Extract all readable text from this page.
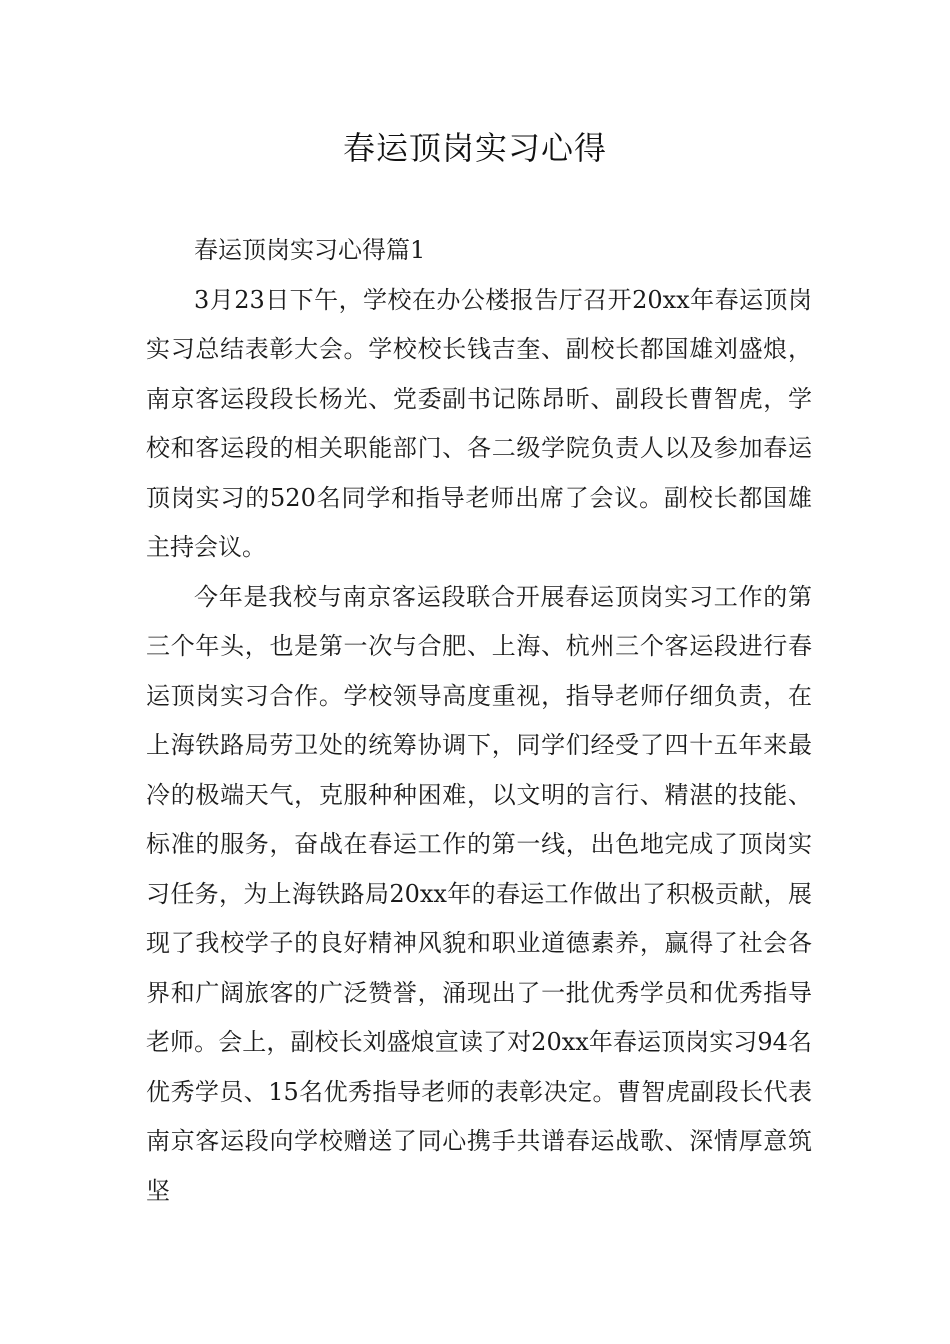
春运顶岗实习心得

春运顶岗实习心得篇1

3月23日下午，学校在办公楼报告厅召开20xx年春运顶岗实习总结表彰大会。学校校长钱吉奎、副校长都国雄刘盛烺，南京客运段段长杨光、党委副书记陈昂昕、副段长曹智虎，学校和客运段的相关职能部门、各二级学院负责人以及参加春运顶岗实习的520名同学和指导老师出席了会议。副校长都国雄主持会议。

今年是我校与南京客运段联合开展春运顶岗实习工作的第三个年头，也是第一次与合肥、上海、杭州三个客运段进行春运顶岗实习合作。学校领导高度重视，指导老师仔细负责，在上海铁路局劳卫处的统筹协调下，同学们经受了四十五年来最冷的极端天气，克服种种困难，以文明的言行、精湛的技能、标准的服务，奋战在春运工作的第一线，出色地完成了顶岗实习任务，为上海铁路局20xx年的春运工作做出了积极贡献，展现了我校学子的良好精神风貌和职业道德素养，赢得了社会各界和广阔旅客的广泛赞誉，涌现出了一批优秀学员和优秀指导老师。会上，副校长刘盛烺宣读了对20xx年春运顶岗实习94名优秀学员、15名优秀指导老师的表彰决定。曹智虎副段长代表南京客运段向学校赠送了同心携手共谱春运战歌、深情厚意筑坚
